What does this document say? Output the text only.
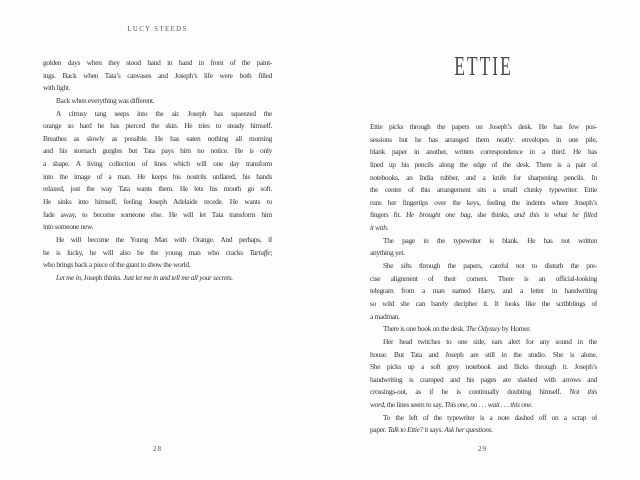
LUCY STEEDS
golden days when they stood hand in hand in front of the paint-
ings. Back when Tata’s canvases and Joseph’s life were both filled
with light.
Back when everything was different.
A citrusy tang seeps into the air. Joseph has squeezed the
orange so hard he has pierced the skin. He tries to steady himself.
Breathes as slowly as possible. He has eaten nothing all morning
and his stomach gurgles but Tata pays him no notice. He is only
a shape. A living collection of lines which will one day transform
into the image of a man. He keeps his nostrils unflared, his hands
relaxed, just the way Tata wants them. He lets his mouth go soft.
He sinks into himself, feeling Joseph Adelaide recede. He wants to
fade away, to become someone else. He will let Tata transform him
into someone new.
He will become the Young Man with Orange. And perhaps, if
he is lucky, he will also be the young man who cracks Tartuffe;
who brings back a piece of the giant to show the world.
Let me in, Joseph thinks. Just let me in and tell me all your secrets.
28
ETTIE
Ettie picks through the papers on Joseph’s desk. He has few pos-
sessions but he has arranged them neatly: envelopes in one pile,
blank paper in another, written correspondence in a third. He has
lined up his pencils along the edge of the desk. There is a pair of
notebooks, an India rubber, and a knife for sharpening pencils. In
the centre of this arrangement sits a small clunky typewriter. Ettie
runs her fingertips over the keys, feeling the indents where Joseph’s
fingers fit. He brought one bag, she thinks, and this is what he filled
it with.
The page in the typewriter is blank. He has not written
anything yet.
She sifts through the papers, careful not to disturb the pre-
cise alignment of their corners. There is an official-looking
telegram from a man named Harry, and a letter in handwriting
so wild she can barely decipher it. It looks like the scribblings of
a madman.
There is one book on the desk. The Odyssey by Homer.
Her head twitches to one side, ears alert for any sound in the
house. But Tata and Joseph are still in the studio. She is alone.
She picks up a soft grey notebook and flicks through it. Joseph’s
handwriting is cramped and his pages are slashed with arrows and
crossings-out, as if he is continually doubting himself. Not this
word, the lines seem to say. This one, no . . . wait . . . this one.
To the left of the typewriter is a note dashed off on a scrap of
paper. Talk to Ettie? it says. Ask her questions.
29
